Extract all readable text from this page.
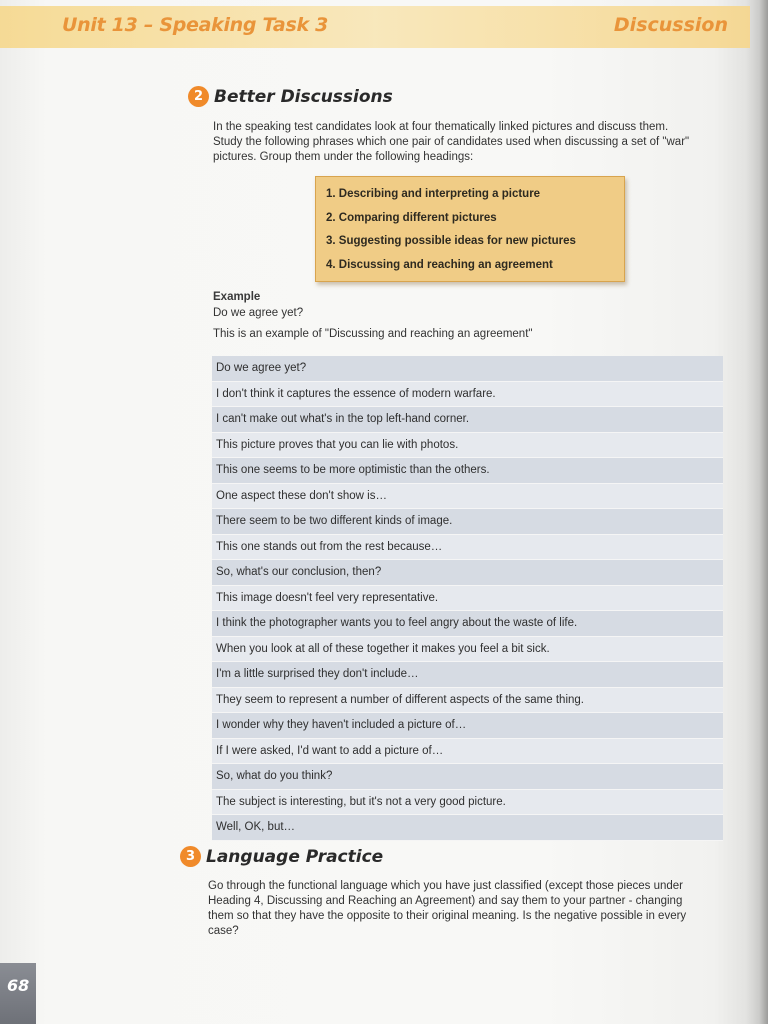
Unit 13 – Speaking Task 3	Discussion
2 Better Discussions
In the speaking test candidates look at four thematically linked pictures and discuss them.
Study the following phrases which one pair of candidates used when discussing a set of "war"
pictures. Group them under the following headings:
1. Describing and interpreting a picture
2. Comparing different pictures
3. Suggesting possible ideas for new pictures
4. Discussing and reaching an agreement
Example
Do we agree yet?
This is an example of "Discussing and reaching an agreement"
Do we agree yet?
I don't think it captures the essence of modern warfare.
I can't make out what's in the top left-hand corner.
This picture proves that you can lie with photos.
This one seems to be more optimistic than the others.
One aspect these don't show is…
There seem to be two different kinds of image.
This one stands out from the rest because…
So, what's our conclusion, then?
This image doesn't feel very representative.
I think the photographer wants you to feel angry about the waste of life.
When you look at all of these together it makes you feel a bit sick.
I'm a little surprised they don't include…
They seem to represent a number of different aspects of the same thing.
I wonder why they haven't included a picture of…
If I were asked, I'd want to add a picture of…
So, what do you think?
The subject is interesting, but it's not a very good picture.
Well, OK, but…
3 Language Practice
Go through the functional language which you have just classified (except those pieces under
Heading 4, Discussing and Reaching an Agreement) and say them to your partner - changing
them so that they have the opposite to their original meaning. Is the negative possible in every
case?
68
